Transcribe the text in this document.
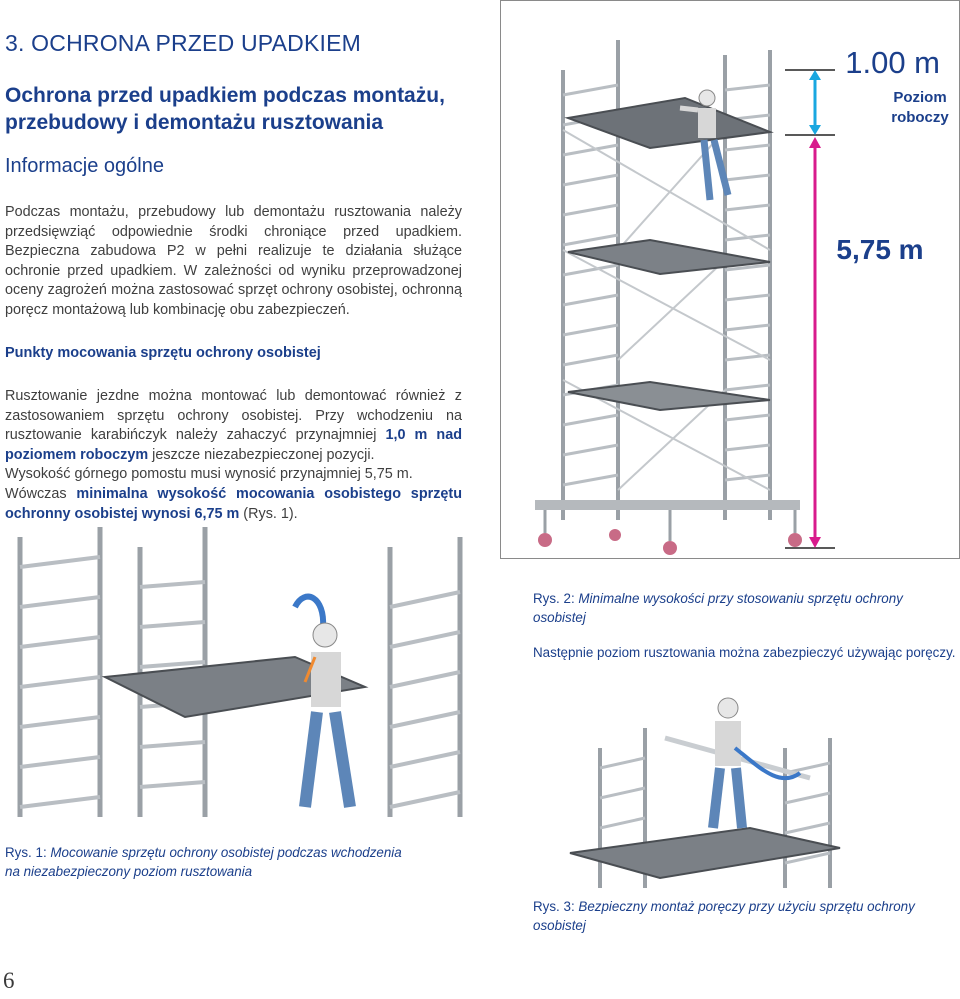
3. OCHRONA PRZED UPADKIEM
Ochrona przed upadkiem podczas montażu, przebudowy i demontażu rusztowania
Informacje ogólne
Podczas montażu, przebudowy lub demontażu rusztowania należy przedsięwziąć odpowiednie środki chroniące przed upadkiem. Bezpieczna zabudowa P2 w pełni realizuje te działania służące ochronie przed upadkiem. W zależności od wyniku przeprowadzonej oceny zagrożeń można zastosować sprzęt ochrony osobistej, ochronną poręcz montażową lub kombinację obu zabezpieczeń.
Punkty mocowania sprzętu ochrony osobistej

Rusztowanie jezdne można montować lub demontować również z zastosowaniem sprzętu ochrony osobistej. Przy wchodzeniu na rusztowanie karabińczyk należy zahaczyć przynajmniej 1,0 m nad poziomem roboczym jeszcze niezabezpieczonej pozycji.

Wysokość górnego pomostu musi wynosić przynajmniej 5,75 m.

Wówczas minimalna wysokość mocowania osobistego sprzętu ochronny osobistej wynosi 6,75 m (Rys. 1).

1.00 m
Poziom
roboczy
5,75 m
Rys. 2: Minimalne wysokości przy stosowaniu sprzętu ochrony osobistej
Następnie poziom rusztowania można zabezpieczyć używając poręczy.
Rys. 1: Mocowanie sprzętu ochrony osobistej podczas wchodzenia na niezabezpieczony poziom rusztowania
Rys. 3: Bezpieczny montaż poręczy przy użyciu sprzętu ochrony osobistej
6
